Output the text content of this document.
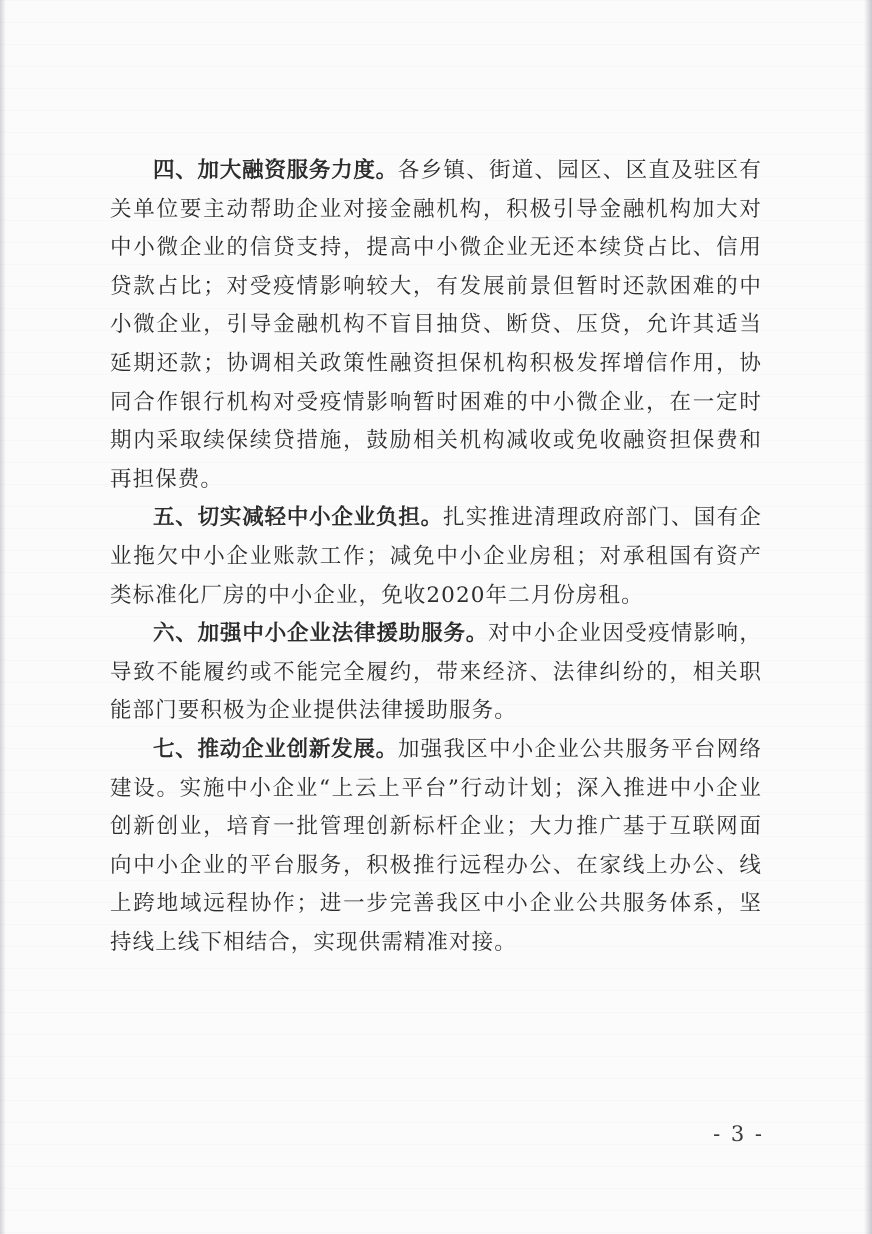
四、加大融资服务力度。各乡镇、街道、园区、区直及驻区有关单位要主动帮助企业对接金融机构，积极引导金融机构加大对中小微企业的信贷支持，提高中小微企业无还本续贷占比、信用贷款占比；对受疫情影响较大，有发展前景但暂时还款困难的中小微企业，引导金融机构不盲目抽贷、断贷、压贷，允许其适当延期还款；协调相关政策性融资担保机构积极发挥增信作用，协同合作银行机构对受疫情影响暂时困难的中小微企业，在一定时期内采取续保续贷措施，鼓励相关机构减收或免收融资担保费和再担保费。

五、切实减轻中小企业负担。扎实推进清理政府部门、国有企业拖欠中小企业账款工作；减免中小企业房租；对承租国有资产类标准化厂房的中小企业，免收2020年二月份房租。

六、加强中小企业法律援助服务。对中小企业因受疫情影响，导致不能履约或不能完全履约，带来经济、法律纠纷的，相关职能部门要积极为企业提供法律援助服务。

七、推动企业创新发展。加强我区中小企业公共服务平台网络建设。实施中小企业“上云上平台”行动计划；深入推进中小企业创新创业，培育一批管理创新标杆企业；大力推广基于互联网面向中小企业的平台服务，积极推行远程办公、在家线上办公、线上跨地域远程协作；进一步完善我区中小企业公共服务体系，坚持线上线下相结合，实现供需精准对接。

- 3 -
